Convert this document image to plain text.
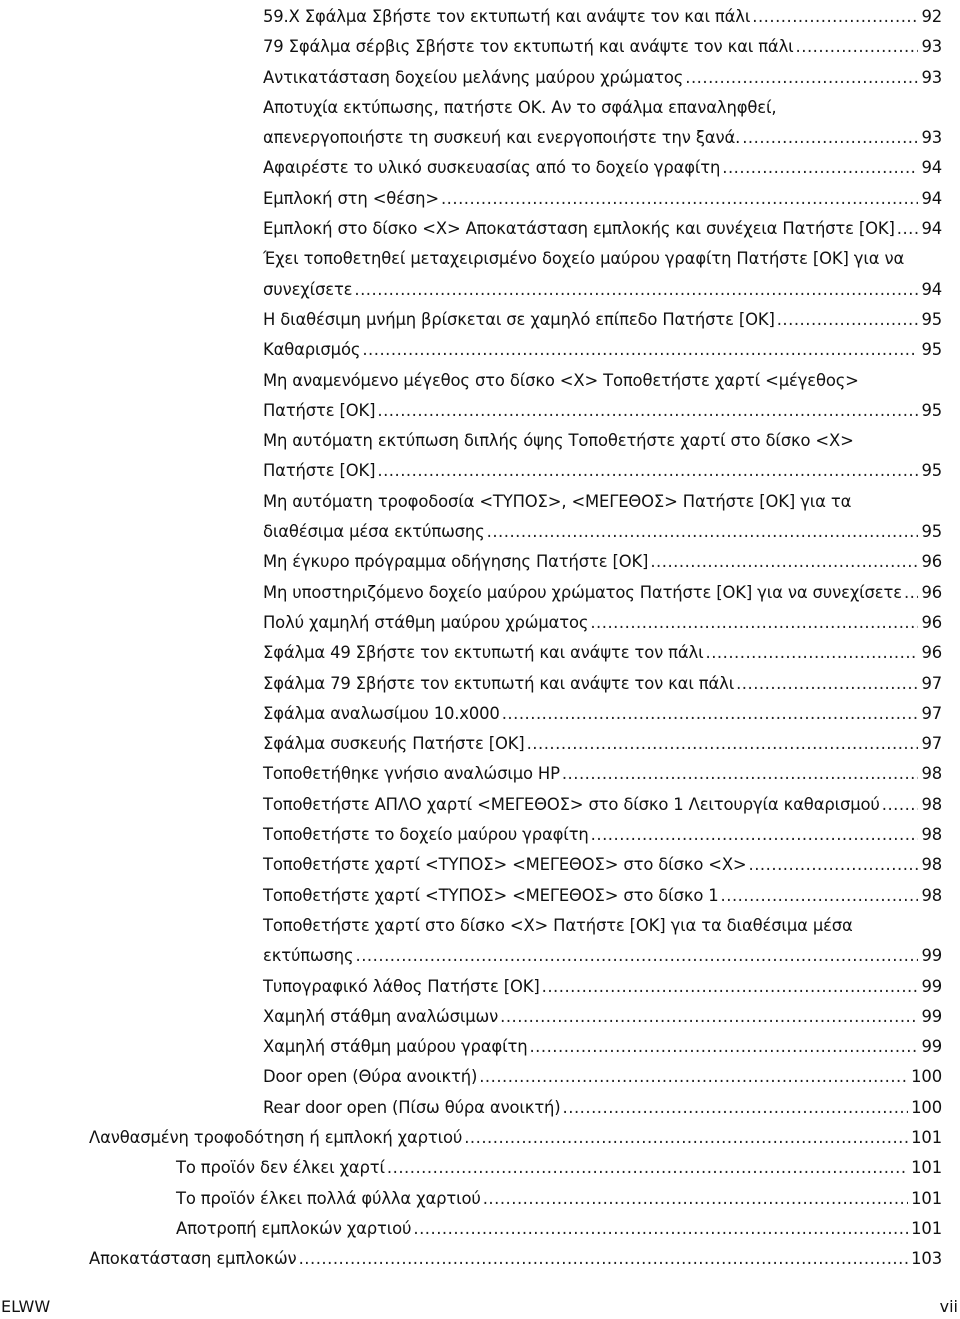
59.X Σφάλμα Σβήστε τον εκτυπωτή και ανάψτε τον και πάλι .....	92
79 Σφάλμα σέρβις Σβήστε τον εκτυπωτή και ανάψτε τον και πάλι .....	93
Αντικατάσταση δοχείου μελάνης μαύρου χρώματος .....	93
Αποτυχία εκτύπωσης, πατήστε ΟΚ. Αν το σφάλμα επαναληφθεί,
απενεργοποιήστε τη συσκευή και ενεργοποιήστε την ξανά. .....	93
Αφαιρέστε το υλικό συσκευασίας από το δοχείο γραφίτη .....	94
Εμπλοκή στη <θέση> .....	94
Εμπλοκή στο δίσκο <X> Αποκατάσταση εμπλοκής και συνέχεια Πατήστε [OK] ..... 94
Έχει τοποθετηθεί μεταχειρισμένο δοχείο μαύρου γραφίτη Πατήστε [OK] για να
συνεχίσετε .....	94
Η διαθέσιμη μνήμη βρίσκεται σε χαμηλό επίπεδο Πατήστε [OK] .....	95
Καθαρισμός .....	95
Μη αναμενόμενο μέγεθος στο δίσκο <X> Τοποθετήστε χαρτί <μέγεθος>
Πατήστε [OK] .....	95
Μη αυτόματη εκτύπωση διπλής όψης Τοποθετήστε χαρτί στο δίσκο <X>
Πατήστε [OK] .....	95
Μη αυτόματη τροφοδοσία <ΤΥΠΟΣ>, <ΜΕΓΕΘΟΣ> Πατήστε [OK] για τα
διαθέσιμα μέσα εκτύπωσης .....	95
Μη έγκυρο πρόγραμμα οδήγησης Πατήστε [OK] .....	96
Μη υποστηριζόμενο δοχείο μαύρου χρώματος Πατήστε [OK] για να συνεχίσετε ..... 96
Πολύ χαμηλή στάθμη μαύρου χρώματος .....	96
Σφάλμα 49 Σβήστε τον εκτυπωτή και ανάψτε τον πάλι .....	96
Σφάλμα 79 Σβήστε τον εκτυπωτή και ανάψτε τον και πάλι .....	97
Σφάλμα αναλωσίμου 10.x000 .....	97
Σφάλμα συσκευής Πατήστε [OK] .....	97
Τοποθετήθηκε γνήσιο αναλώσιμο HP .....	98
Τοποθετήστε ΑΠΛΟ χαρτί <ΜΕΓΕΘΟΣ> στο δίσκο 1 Λειτουργία καθαρισμού .....	98
Τοποθετήστε το δοχείο μαύρου γραφίτη .....	98
Τοποθετήστε χαρτί <ΤΥΠΟΣ> <ΜΕΓΕΘΟΣ> στο δίσκο <X> .....	98
Τοποθετήστε χαρτί <ΤΥΠΟΣ> <ΜΕΓΕΘΟΣ> στο δίσκο 1 .....	98
Τοποθετήστε χαρτί στο δίσκο <X> Πατήστε [OK] για τα διαθέσιμα μέσα
εκτύπωσης .....	99
Τυπογραφικό λάθος Πατήστε [OK] .....	99
Χαμηλή στάθμη αναλώσιμων .....	99
Χαμηλή στάθμη μαύρου γραφίτη .....	99
Door open (Θύρα ανοικτή) .....	100
Rear door open (Πίσω θύρα ανοικτή) .....	100
Λανθασμένη τροφοδότηση ή εμπλοκή χαρτιού .....	101
Το προϊόν δεν έλκει χαρτί .....	101
Το προϊόν έλκει πολλά φύλλα χαρτιού .....	101
Αποτροπή εμπλοκών χαρτιού .....	101
Αποκατάσταση εμπλοκών .....	103
ELWW	vii
